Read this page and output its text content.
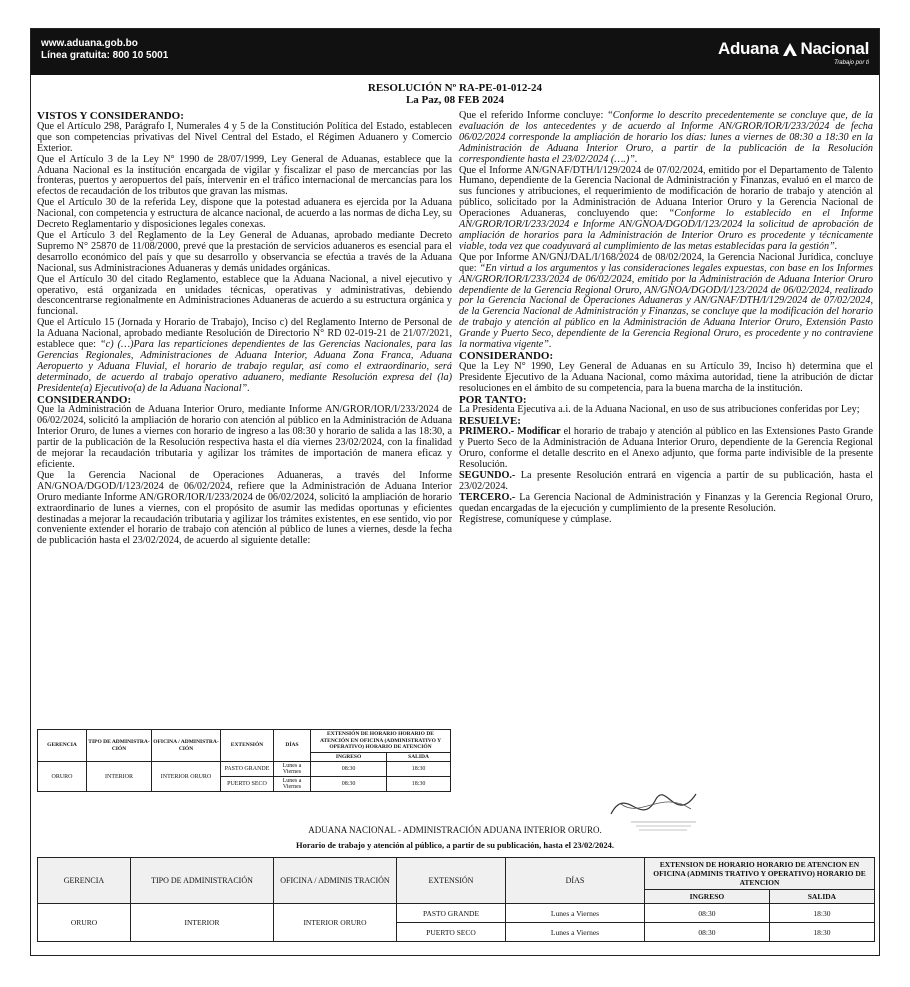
www.aduana.gob.bo
Línea gratuita: 800 10 5001	Aduana Nacional
Trabajo por ti
RESOLUCIÓN Nº RA-PE-01-012-24
La Paz, 08 FEB 2024

VISTOS Y CONSIDERANDO:

Que el Artículo 298, Parágrafo I, Numerales 4 y 5 de la Constitución Política del Estado, establecen que son competencias privativas del Nivel Central del Estado, el Régimen Aduanero y Comercio Exterior.

Que el Artículo 3 de la Ley N° 1990 de 28/07/1999, Ley General de Aduanas, establece que la Aduana Nacional es la institución encargada de vigilar y fiscalizar el paso de mercancías por las fronteras, puertos y aeropuertos del país, intervenir en el tráfico internacional de mercancías para los efectos de recaudación de los tributos que gravan las mismas.

Que el Artículo 30 de la referida Ley, dispone que la potestad aduanera es ejercida por la Aduana Nacional, con competencia y estructura de alcance nacional, de acuerdo a las normas de dicha Ley, su Decreto Reglamentario y disposiciones legales conexas.

Que el Artículo 3 del Reglamento de la Ley General de Aduanas, aprobado mediante Decreto Supremo N° 25870 de 11/08/2000, prevé que la prestación de servicios aduaneros es esencial para el desarrollo económico del país y que su desarrollo y observancia se efectúa a través de la Aduana Nacional, sus Administraciones Aduaneras y demás unidades orgánicas.

Que el Artículo 30 del citado Reglamento, establece que la Aduana Nacional, a nivel ejecutivo y operativo, está organizada en unidades técnicas, operativas y administrativas, debiendo desconcentrarse regionalmente en Administraciones Aduaneras de acuerdo a su estructura orgánica y funcional.

Que el Artículo 15 (Jornada y Horario de Trabajo), Inciso c) del Reglamento Interno de Personal de la Aduana Nacional, aprobado mediante Resolución de Directorio N° RD 02-019-21 de 21/07/2021, establece que: “c) (…)Para las reparticiones dependientes de las Gerencias Nacionales, para las Gerencias Regionales, Administraciones de Aduana Interior, Aduana Zona Franca, Aduana Aeropuerto y Aduana Fluvial, el horario de trabajo regular, así como el extraordinario, será determinado, de acuerdo al trabajo operativo aduanero, mediante Resolución expresa del (la) Presidente(a) Ejecutivo(a) de la Aduana Nacional”.

CONSIDERANDO:

Que la Administración de Aduana Interior Oruro, mediante Informe AN/GROR/IOR/I/233/2024 de 06/02/2024, solicitó la ampliación de horario con atención al público en la Administración de Aduana Interior Oruro, de lunes a viernes con horario de ingreso a las 08:30 y horario de salida a las 18:30, a partir de la publicación de la Resolución respectiva hasta el día viernes 23/02/2024, con la finalidad de mejorar la recaudación tributaria y agilizar los trámites de importación de manera eficaz y eficiente.

Que la Gerencia Nacional de Operaciones Aduaneras, a través del Informe AN/GNOA/DGOD/I/123/2024 de 06/02/2024, refiere que la Administración de Aduana Interior Oruro mediante Informe AN/GROR/IOR/I/233/2024 de 06/02/2024, solicitó la ampliación de horario extraordinario de lunes a viernes, con el propósito de asumir las medidas oportunas y eficientes destinadas a mejorar la recaudación tributaria y agilizar los trámites existentes, en ese sentido, vio por conveniente extender el horario de trabajo con atención al público de lunes a viernes, desde la fecha de publicación hasta el 23/02/2024, de acuerdo al siguiente detalle:

GERENCIA	TIPO DE ADMINISTRA-CIÓN	OFICINA / ADMINISTRA-CIÓN	EXTENSIÓN	DÍAS	EXTENSIÓN DE HORARIO HORARIO DE ATENCIÓN EN OFICINA (ADMINISTRATIVO Y OPERATIVO) HORARIO DE ATENCIÓN	
					INGRESO	SALIDA
ORURO	INTERIOR	INTERIOR ORURO	PASTO GRANDE	Lunes a Viernes	08:30	18:30
			PUERTO SECO	Lunes a Viernes	08:30	18:30

Que el referido Informe concluye: “Conforme lo descrito precedentemente se concluye que, de la evaluación de los antecedentes y de acuerdo al Informe AN/GROR/IOR/I/233/2024 de fecha 06/02/2024 corresponde la ampliación de horario los días: lunes a viernes de 08:30 a 18:30 en la Administración de Aduana Interior Oruro, a partir de la publicación de la Resolución correspondiente hasta el 23/02/2024 (….)”.

Que el Informe AN/GNAF/DTH/I/129/2024 de 07/02/2024, emitido por el Departamento de Talento Humano, dependiente de la Gerencia Nacional de Administración y Finanzas, evaluó en el marco de sus funciones y atribuciones, el requerimiento de modificación de horario de trabajo y atención al público, solicitado por la Administración de Aduana Interior Oruro y la Gerencia Nacional de Operaciones Aduaneras, concluyendo que: “Conforme lo establecido en el Informe AN/GROR/IOR/I/233/2024 e Informe AN/GNOA/DGOD/I/123/2024 la solicitud de aprobación de ampliación de horarios para la Administración de Interior Oruro es procedente y técnicamente viable, toda vez que coadyuvará al cumplimiento de las metas establecidas para la gestión”.

Que por Informe AN/GNJ/DAL/I/168/2024 de 08/02/2024, la Gerencia Nacional Jurídica, concluye que: “En virtud a los argumentos y las consideraciones legales expuestas, con base en los Informes AN/GROR/IOR/I/233/2024 de 06/02/2024, emitido por la Administración de Aduana Interior Oruro dependiente de la Gerencia Regional Oruro, AN/GNOA/DGOD/I/123/2024 de 06/02/2024, realizado por la Gerencia Nacional de Operaciones Aduaneras y AN/GNAF/DTH/I/129/2024 de 07/02/2024, de la Gerencia Nacional de Administración y Finanzas, se concluye que la modificación del horario de trabajo y atención al público en la Administración de Aduana Interior Oruro, Extensión Pasto Grande y Puerto Seco, dependiente de la Gerencia Regional Oruro, es procedente y no contraviene la normativa vigente”.

CONSIDERANDO:

Que la Ley N° 1990, Ley General de Aduanas en su Artículo 39, Inciso h) determina que el Presidente Ejecutivo de la Aduana Nacional, como máxima autoridad, tiene la atribución de dictar resoluciones en el ámbito de su competencia, para la buena marcha de la institución.

POR TANTO:

La Presidenta Ejecutiva a.i. de la Aduana Nacional, en uso de sus atribuciones conferidas por Ley;

RESUELVE:

PRIMERO.- Modificar el horario de trabajo y atención al público en las Extensiones Pasto Grande y Puerto Seco de la Administración de Aduana Interior Oruro, dependiente de la Gerencia Regional Oruro, conforme el detalle descrito en el Anexo adjunto, que forma parte indivisible de la presente Resolución.

SEGUNDO.- La presente Resolución entrará en vigencia a partir de su publicación, hasta el 23/02/2024.

TERCERO.- La Gerencia Nacional de Administración y Finanzas y la Gerencia Regional Oruro, quedan encargadas de la ejecución y cumplimiento de la presente Resolución.

Regístrese, comuníquese y cúmplase.

ADUANA NACIONAL - ADMINISTRACIÓN ADUANA INTERIOR ORURO.
Horario de trabajo y atención al público, a partir de su publicación, hasta el 23/02/2024.
GERENCIA	TIPO DE ADMINISTRACIÓN	OFICINA / ADMINIS TRACIÓN	EXTENSIÓN	DÍAS	EXTENSION DE HORARIO HORARIO DE ATENCION EN OFICINA (ADMINIS TRATIVO Y OPERATIVO) HORARIO DE ATENCION	
					INGRESO	SALIDA
ORURO	INTERIOR	INTERIOR ORURO	PASTO GRANDE	Lunes a Viernes	08:30	18:30
			PUERTO SECO	Lunes a Viernes	08:30	18:30
